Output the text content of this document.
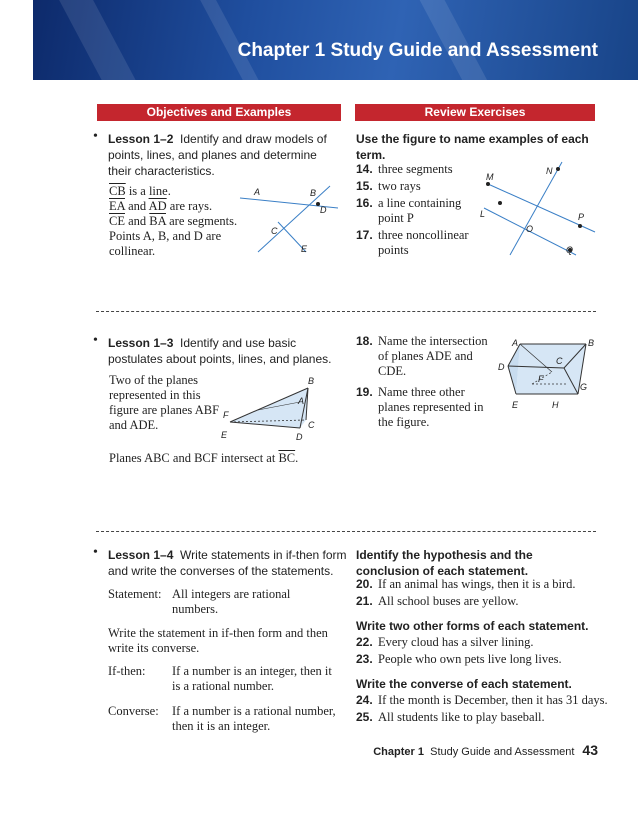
Chapter 1 Study Guide and Assessment
Objectives and Examples	Review Exercises
• Lesson 1–2 Identify and draw models of points, lines, and planes and determine their characteristics.
$\overline{CB}$ is a line.
$\overline{EA}$ and $\overline{AD}$ are rays.
$\overline{CE}$ and $\overline{BA}$ are segments.
Points A, B, and D are
collinear.
A	B
D
C
E
Use the figure to name examples of each term.
14. three segments
15. two rays
16. a line containing
point P
17. three noncollinear
points
M
N
L
O
P
Q
• Lesson 1–3 Identify and use basic postulates about points, lines, and planes.
Two of the planes
represented in this
figure are planes ABF
and ADE.
B
A
F
C
E	D
Planes ABC and BCF intersect at $\overline{BC}$.
18. Name the intersection
of planes ADE and
CDE.
19. Name three other
planes represented in
the figure.
A	B
C
D
F
G
E	H
• Lesson 1–4 Write statements in if-then form and write the converses of the statements.
Statement: All integers are rational
numbers.
Write the statement in if-then form and then
write its converse.
If-then: If a number is an integer, then it
is a rational number.
Converse: If a number is a rational number,
then it is an integer.
Identify the hypothesis and the conclusion of each statement.
20. If an animal has wings, then it is a bird.
21. All school buses are yellow.
Write two other forms of each statement.
22. Every cloud has a silver lining.
23. People who own pets live long lives.
Write the converse of each statement.
24. If the month is December, then it has 31 days.
25. All students like to play baseball.
Chapter 1 Study Guide and Assessment 43
